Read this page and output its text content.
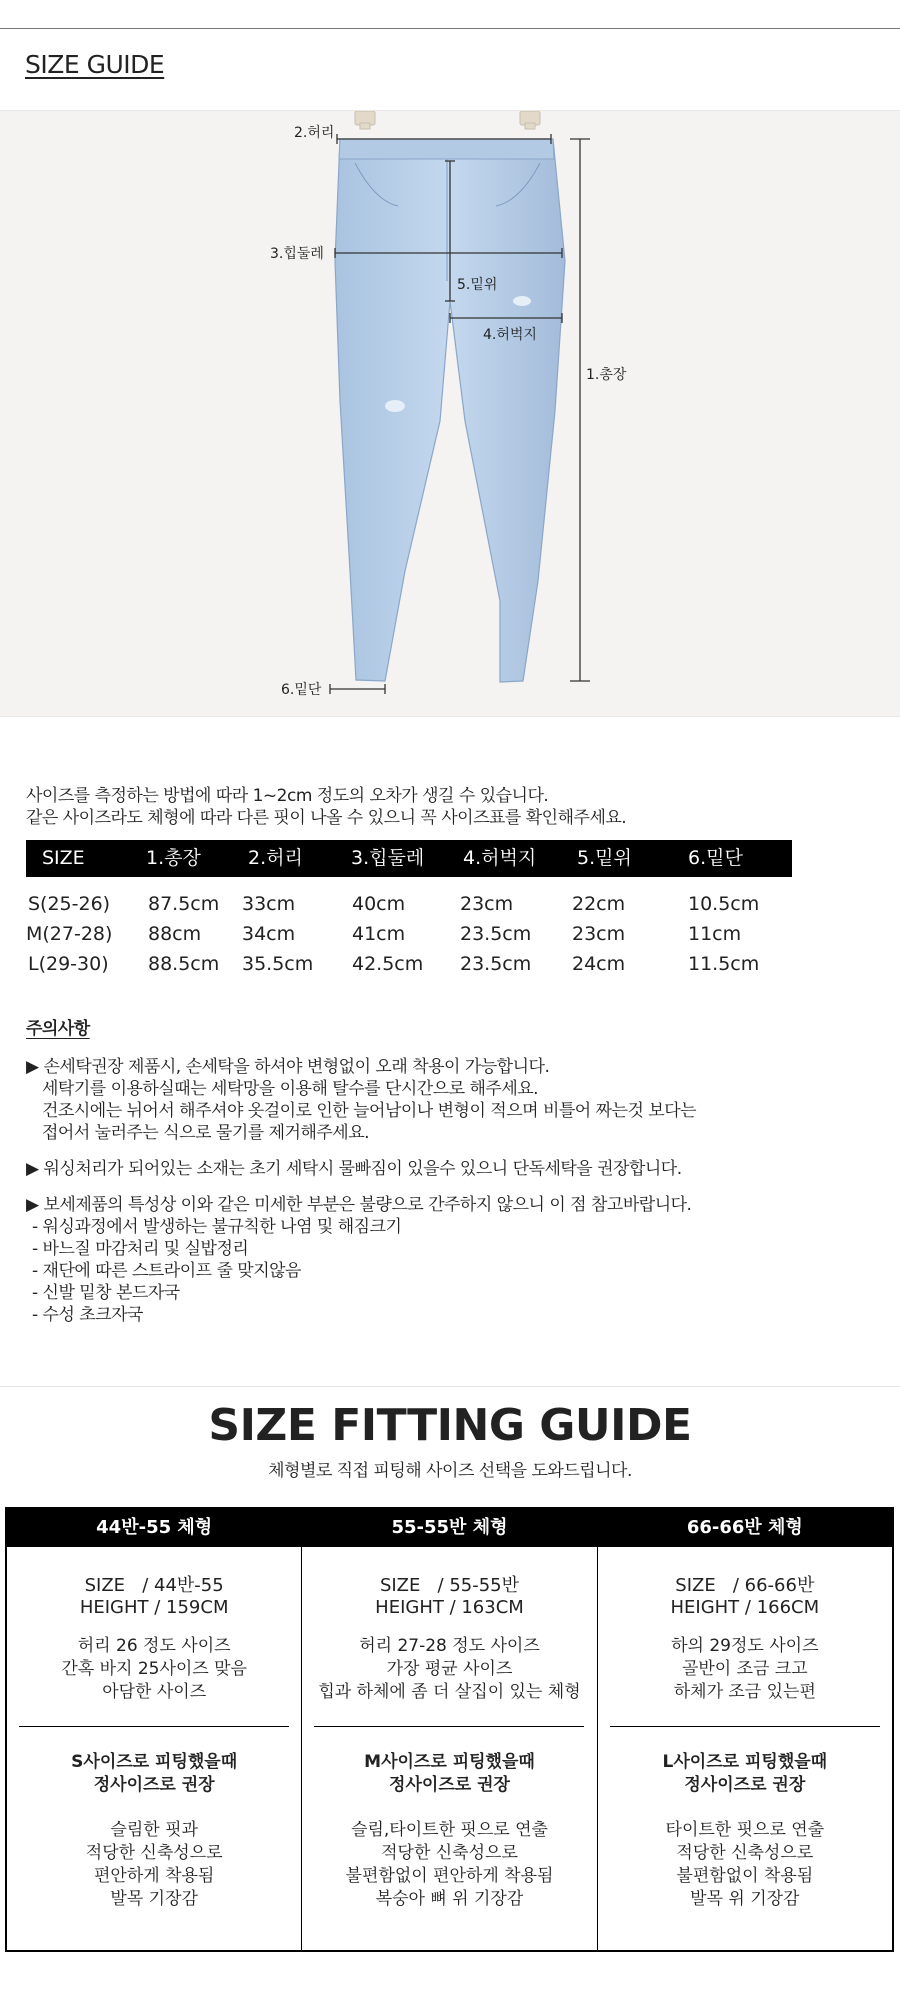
SIZE GUIDE
2.허리
3.힙둘레
5.밑위
4.허벅지
1.총장
6.밑단
사이즈를 측정하는 방법에 따라 1~2cm 정도의 오차가 생길 수 있습니다.
같은 사이즈라도 체형에 따라 다른 핏이 나올 수 있으니 꼭 사이즈표를 확인해주세요.
SIZE	1.총장 2.허리	3.힙둘레 4.허벅지 5.밑위	6.밑단
S(25-26) 87.5cm 33cm	40cm	23cm	22cm	10.5cm
M(27-28) 88cm 34cm	41cm	23.5cm 23cm	11cm
L(29-30) 88.5cm 35.5cm 42.5cm 23.5cm 24cm	11.5cm
주의사항
▶ 손세탁권장 제품시, 손세탁을 하셔야 변형없이 오래 착용이 가능합니다.
세탁기를 이용하실때는 세탁망을 이용해 탈수를 단시간으로 해주세요.
건조시에는 뉘어서 해주셔야 옷걸이로 인한 늘어남이나 변형이 적으며 비틀어 짜는것 보다는
접어서 눌러주는 식으로 물기를 제거해주세요.
▶ 워싱처리가 되어있는 소재는 초기 세탁시 물빠짐이 있을수 있으니 단독세탁을 권장합니다.
▶ 보세제품의 특성상 이와 같은 미세한 부분은 불량으로 간주하지 않으니 이 점 참고바랍니다.
- 워싱과정에서 발생하는 불규칙한 나염 및 해짐크기
- 바느질 마감처리 및 실밥정리
- 재단에 따른 스트라이프 줄 맞지않음
- 신발 밑창 본드자국
- 수성 초크자국
SIZE FITTING GUIDE
체형별로 직접 피팅해 사이즈 선택을 도와드립니다.
44반-55 체형
SIZE   / 44반-55
HEIGHT / 159CM
허리 26 정도 사이즈
간혹 바지 25사이즈 맞음
아담한 사이즈
S사이즈로 피팅했을때
정사이즈로 권장
슬림한 핏과
적당한 신축성으로
편안하게 착용됨
발목 기장감
55-55반 체형
SIZE   / 55-55반
HEIGHT / 163CM
허리 27-28 정도 사이즈
가장 평균 사이즈
힙과 하체에 좀 더 살집이 있는 체형
M사이즈로 피팅했을때
정사이즈로 권장
슬림,타이트한 핏으로 연출
적당한 신축성으로
불편함없이 편안하게 착용됨
복숭아 뼈 위 기장감
66-66반 체형
SIZE   / 66-66반
HEIGHT / 166CM
하의 29정도 사이즈
골반이 조금 크고
하체가 조금 있는편
L사이즈로 피팅했을때
정사이즈로 권장
타이트한 핏으로 연출
적당한 신축성으로
불편함없이 착용됨
발목 위 기장감
